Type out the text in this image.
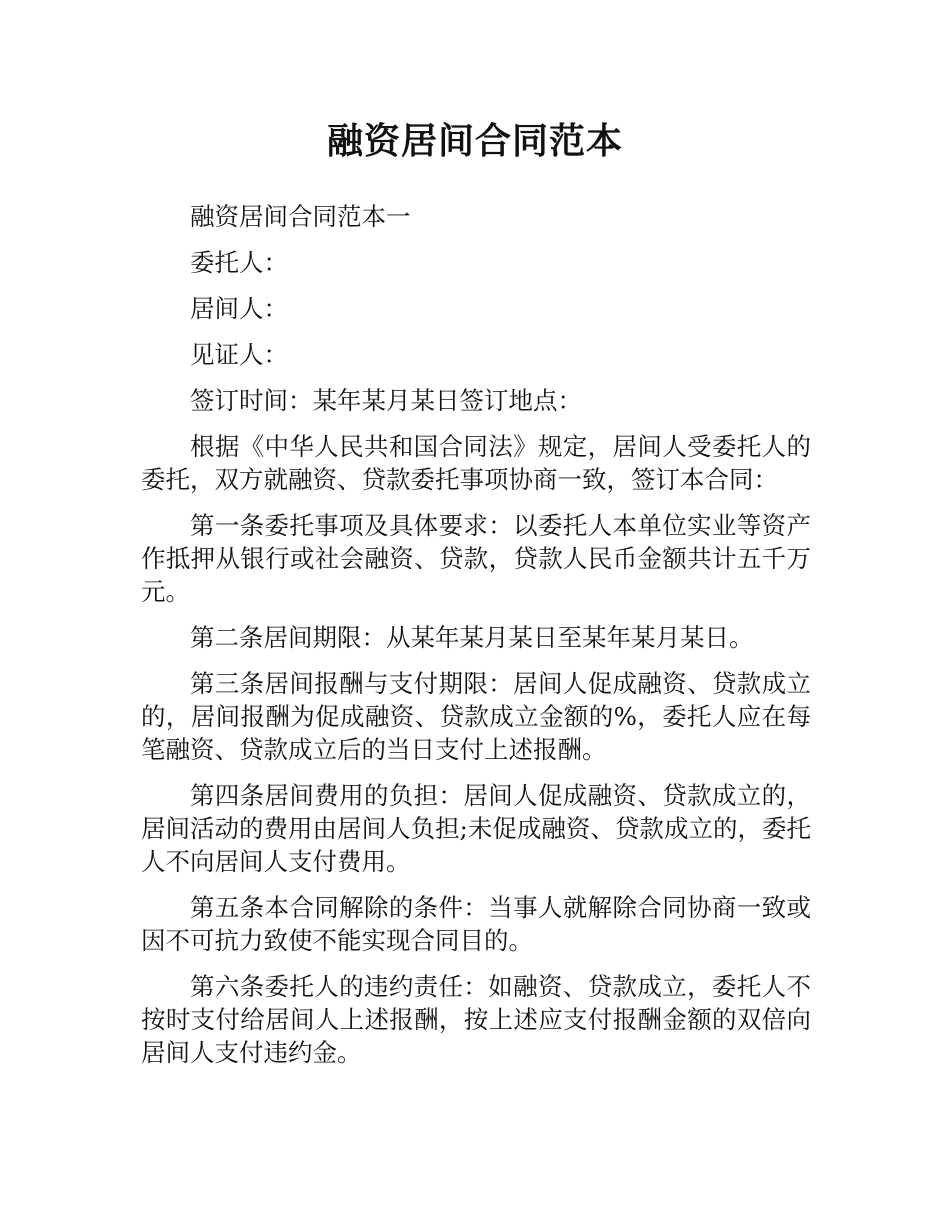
融资居间合同范本

融资居间合同范本一

委托人：

居间人：

见证人：

签订时间：某年某月某日签订地点：

根据《中华人民共和国合同法》规定，居间人受委托人的委托，双方就融资、贷款委托事项协商一致，签订本合同：

第一条委托事项及具体要求：以委托人本单位实业等资产作抵押从银行或社会融资、贷款，贷款人民币金额共计五千万元。

第二条居间期限：从某年某月某日至某年某月某日。

第三条居间报酬与支付期限：居间人促成融资、贷款成立的，居间报酬为促成融资、贷款成立金额的%，委托人应在每笔融资、贷款成立后的当日支付上述报酬。

第四条居间费用的负担：居间人促成融资、贷款成立的，居间活动的费用由居间人负担;未促成融资、贷款成立的，委托人不向居间人支付费用。

第五条本合同解除的条件：当事人就解除合同协商一致或因不可抗力致使不能实现合同目的。

第六条委托人的违约责任：如融资、贷款成立，委托人不按时支付给居间人上述报酬，按上述应支付报酬金额的双倍向居间人支付违约金。
